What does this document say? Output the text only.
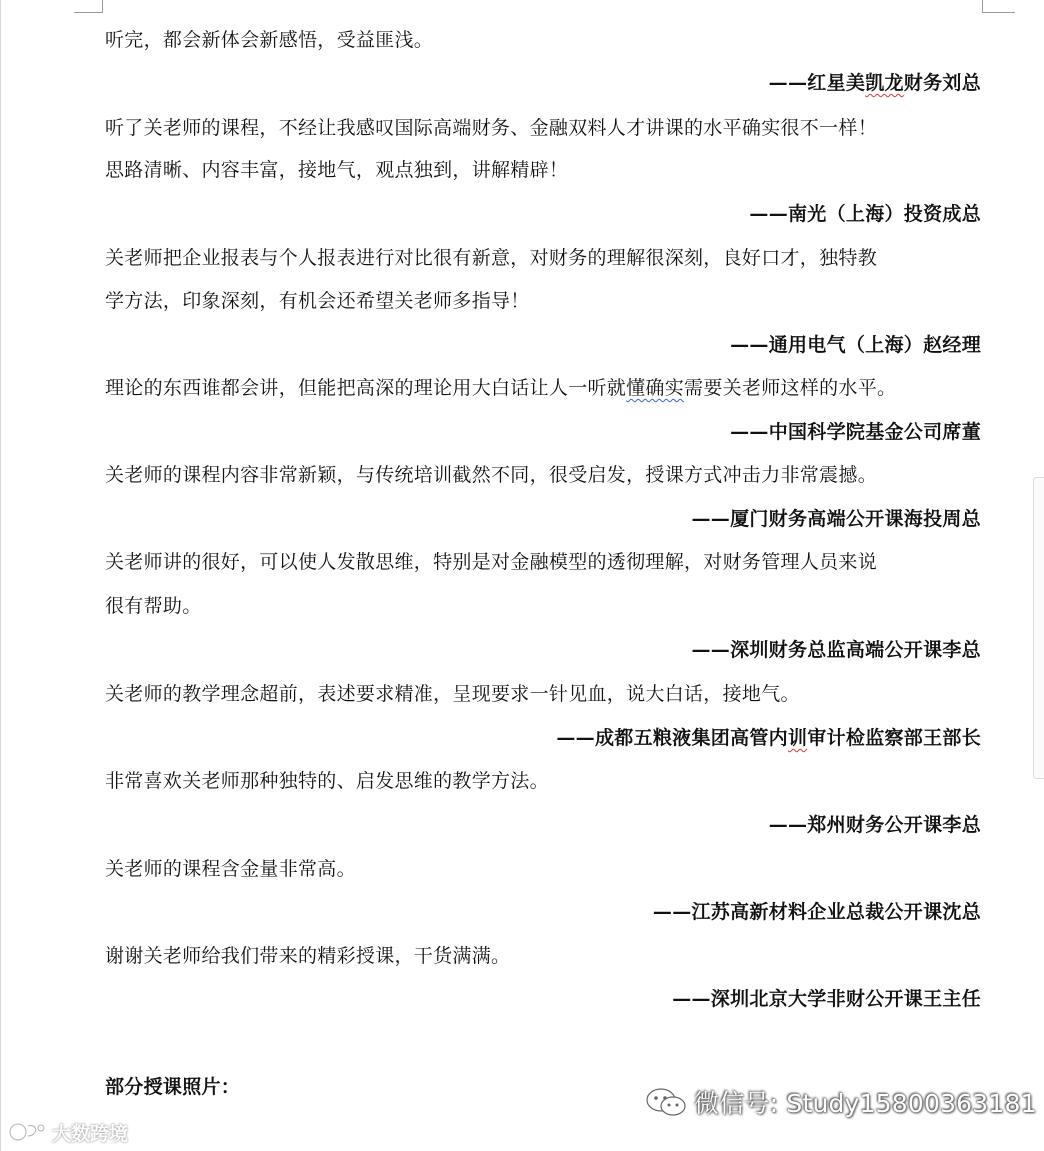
听完，都会新体会新感悟，受益匪浅。
——红星美凯龙财务刘总
听了关老师的课程，不经让我感叹国际高端财务、金融双料人才讲课的水平确实很不一样！
思路清晰、内容丰富，接地气，观点独到，讲解精辟！
——南光（上海）投资成总
关老师把企业报表与个人报表进行对比很有新意，对财务的理解很深刻，良好口才，独特教
学方法，印象深刻，有机会还希望关老师多指导！
——通用电气（上海）赵经理
理论的东西谁都会讲，但能把高深的理论用大白话让人一听就懂确实需要关老师这样的水平。
——中国科学院基金公司席董
关老师的课程内容非常新颖，与传统培训截然不同，很受启发，授课方式冲击力非常震撼。
——厦门财务高端公开课海投周总
关老师讲的很好，可以使人发散思维，特别是对金融模型的透彻理解，对财务管理人员来说
很有帮助。
——深圳财务总监高端公开课李总
关老师的教学理念超前，表述要求精准，呈现要求一针见血，说大白话，接地气。
——成都五粮液集团高管内训审计检监察部王部长
非常喜欢关老师那种独特的、启发思维的教学方法。
——郑州财务公开课李总
关老师的课程含金量非常高。
——江苏高新材料企业总裁公开课沈总
谢谢关老师给我们带来的精彩授课，干货满满。
——深圳北京大学非财公开课王主任
部分授课照片：
大数跨境
微信号: Study15800363181
